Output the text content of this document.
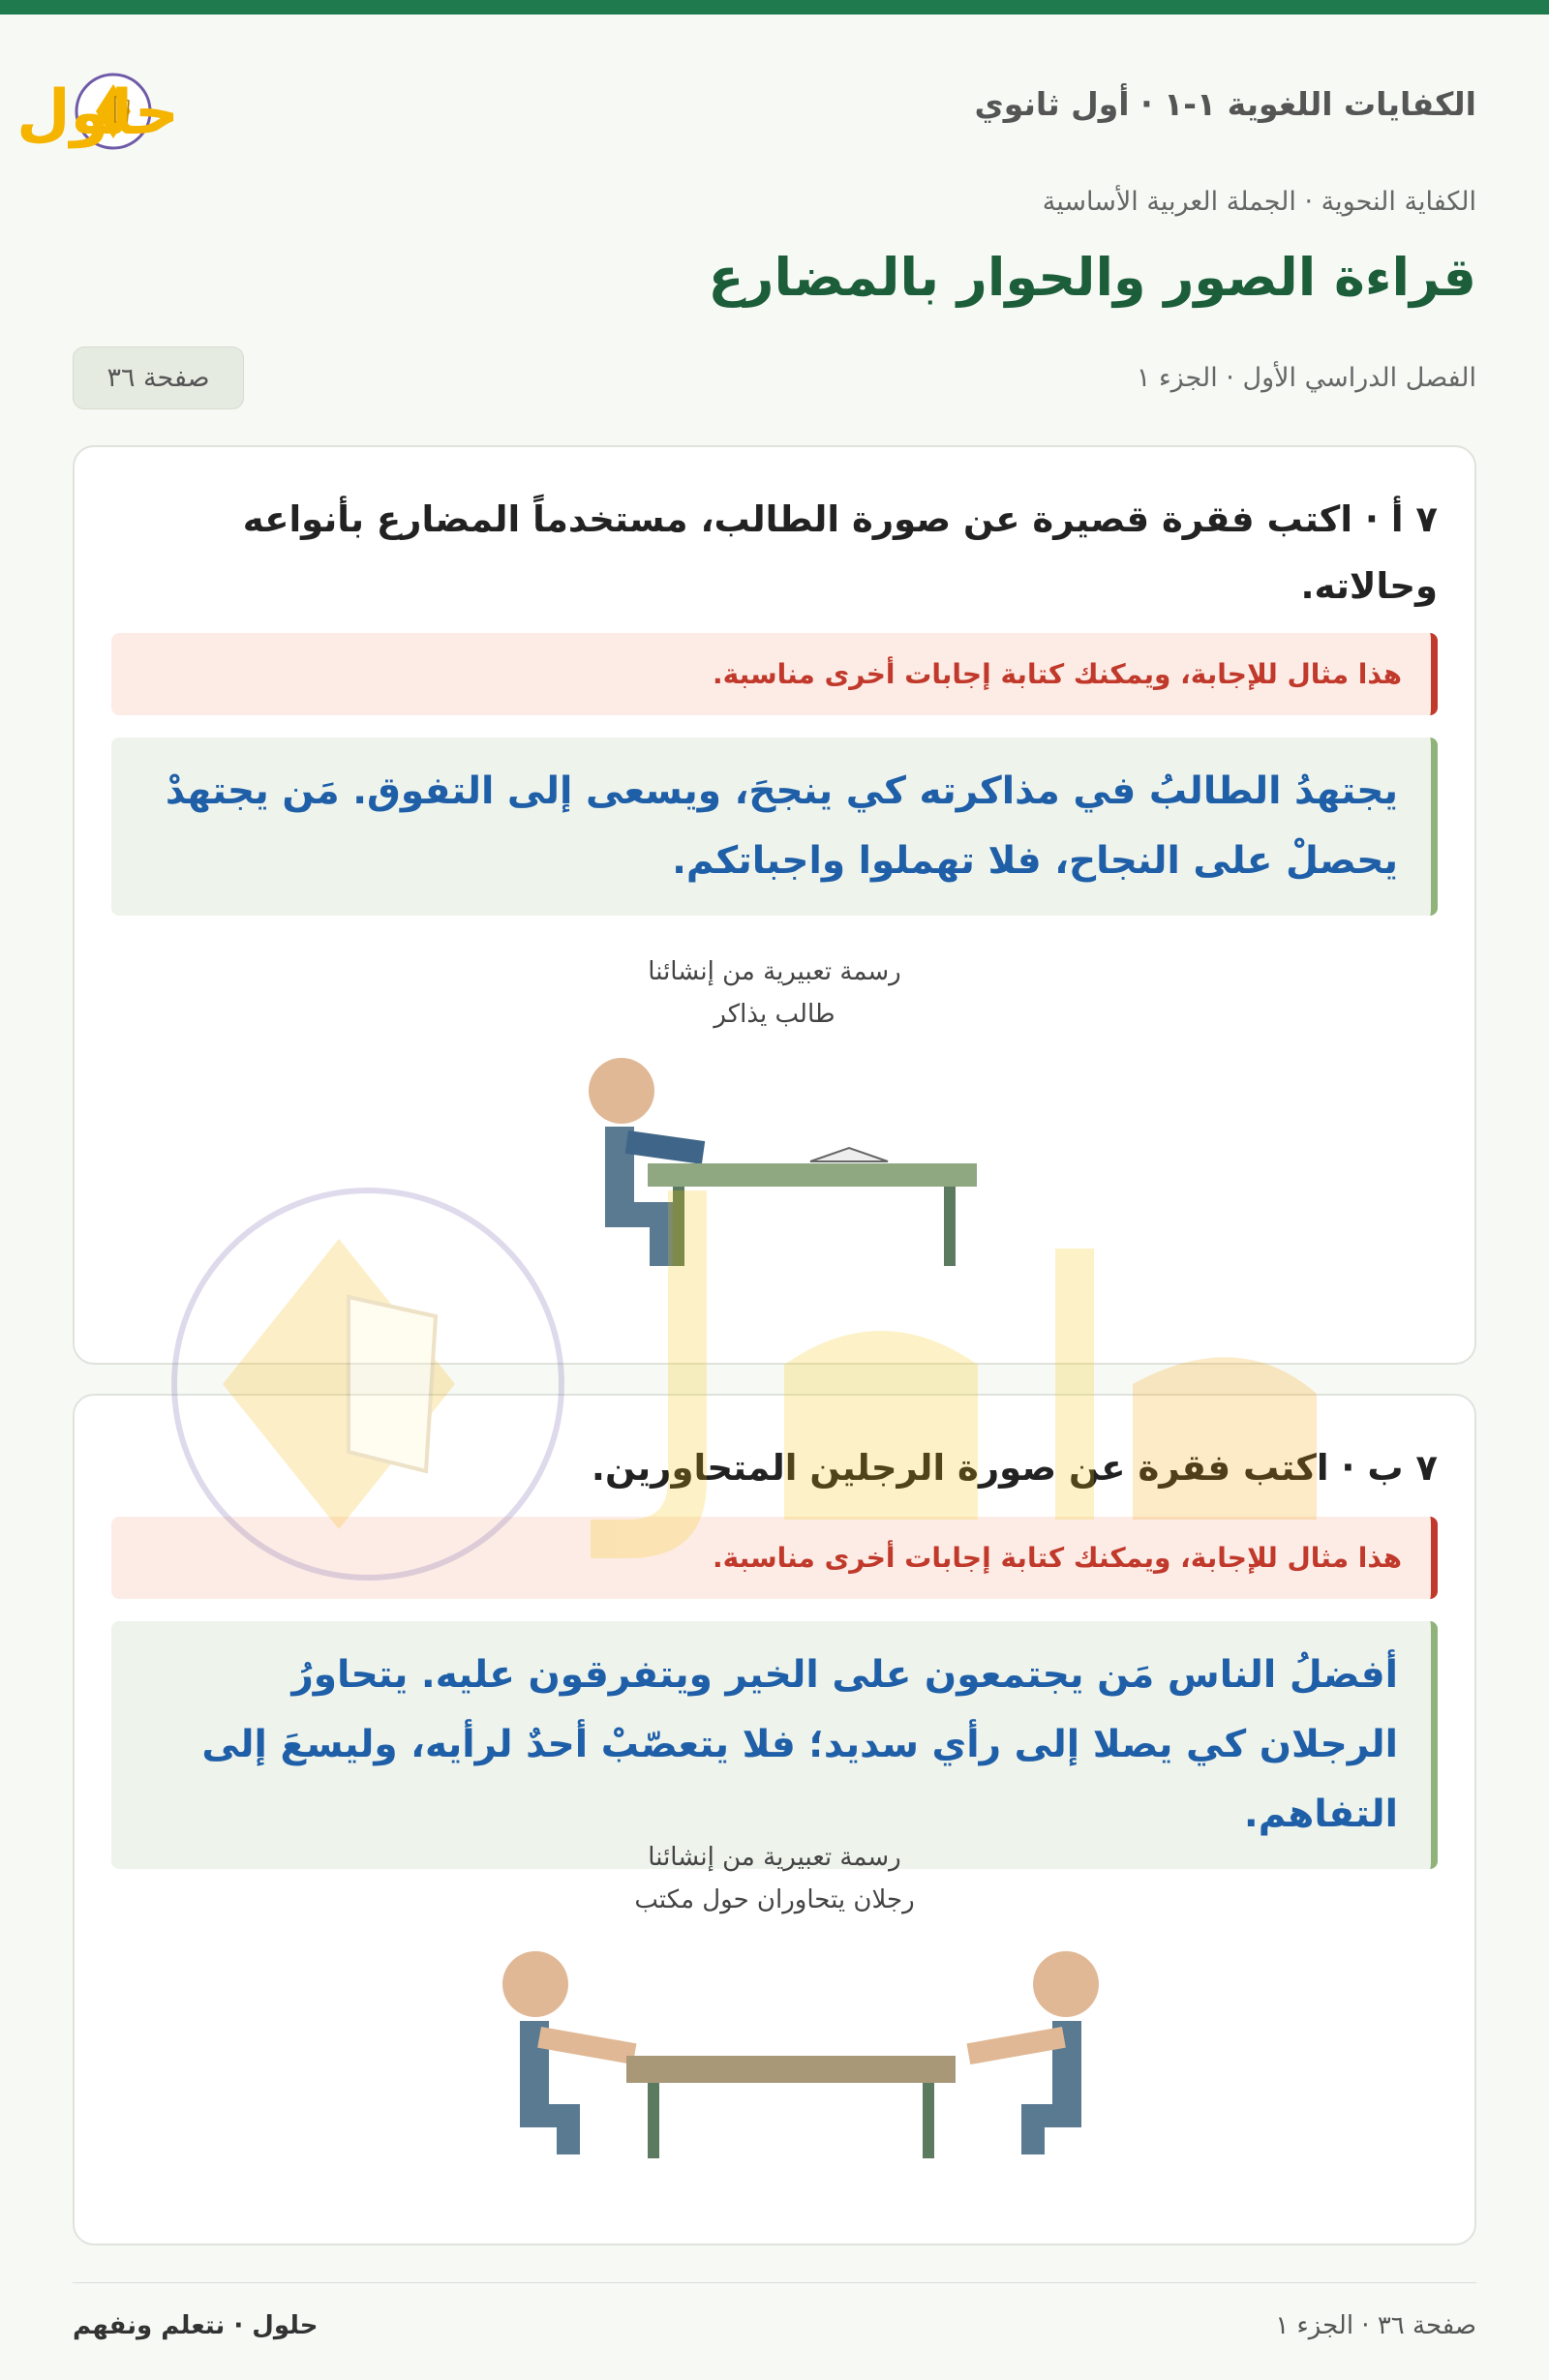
الكفايات اللغوية ١-١ · أول ثانوي
حلول
الكفاية النحوية · الجملة العربية الأساسية
قراءة الصور والحوار بالمضارع
الفصل الدراسي الأول · الجزء ١
صفحة ٣٦
٧ أ · اكتب فقرة قصيرة عن صورة الطالب، مستخدماً المضارع بأنواعه وحالاته.
هذا مثال للإجابة، ويمكنك كتابة إجابات أخرى مناسبة.
يجتهدُ الطالبُ في مذاكرته كي ينجحَ، ويسعى إلى التفوق. مَن يجتهدْ يحصلْ على النجاح، فلا تهملوا واجباتكم.
رسمة تعبيرية من إنشائنا
طالب يذاكر
٧ ب · اكتب فقرة عن صورة الرجلين المتحاورين.
هذا مثال للإجابة، ويمكنك كتابة إجابات أخرى مناسبة.
أفضلُ الناس مَن يجتمعون على الخير ويتفرقون عليه. يتحاورُ الرجلان كي يصلا إلى رأي سديد؛ فلا يتعصّبْ أحدٌ لرأيه، وليسعَ إلى التفاهم.
رسمة تعبيرية من إنشائنا
رجلان يتحاوران حول مكتب
صفحة ٣٦ · الجزء ١
حلول · نتعلم ونفهم
